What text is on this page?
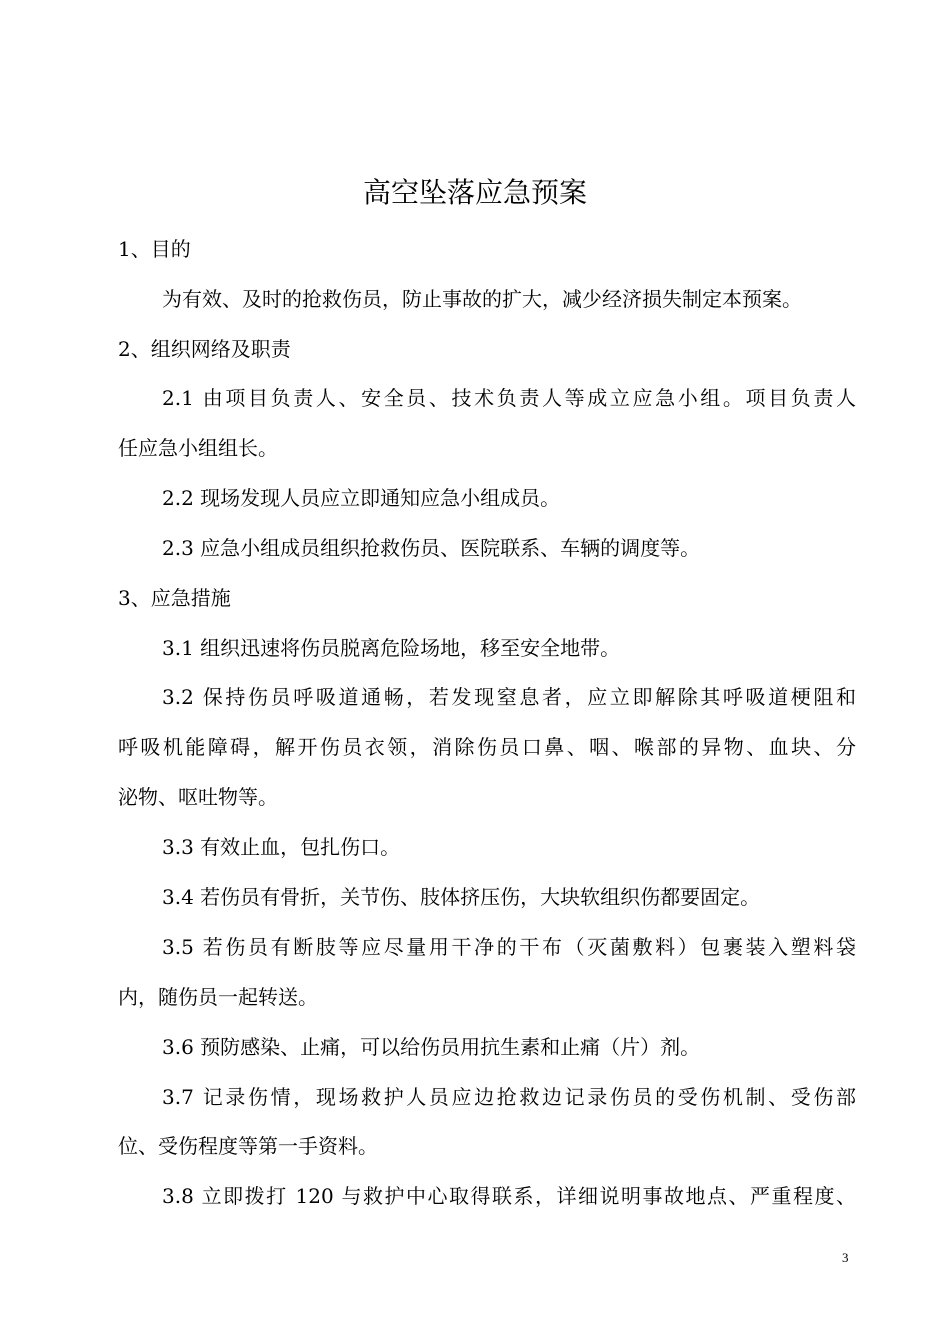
高空坠落应急预案
1、目的
为有效、及时的抢救伤员，防止事故的扩大，减少经济损失制定本预案。
2、组织网络及职责
2.1 由项目负责人、安全员、技术负责人等成立应急小组。项目负责人
任应急小组组长。
2.2 现场发现人员应立即通知应急小组成员。
2.3 应急小组成员组织抢救伤员、医院联系、车辆的调度等。
3、应急措施
3.1 组织迅速将伤员脱离危险场地，移至安全地带。
3.2 保持伤员呼吸道通畅，若发现窒息者，应立即解除其呼吸道梗阻和
呼吸机能障碍，解开伤员衣领，消除伤员口鼻、咽、喉部的异物、血块、分
泌物、呕吐物等。
3.3 有效止血，包扎伤口。
3.4 若伤员有骨折，关节伤、肢体挤压伤，大块软组织伤都要固定。
3.5 若伤员有断肢等应尽量用干净的干布（灭菌敷料）包裹装入塑料袋
内，随伤员一起转送。
3.6 预防感染、止痛，可以给伤员用抗生素和止痛（片）剂。
3.7 记录伤情，现场救护人员应边抢救边记录伤员的受伤机制、受伤部
位、受伤程度等第一手资料。
3.8 立即拨打 120 与救护中心取得联系，详细说明事故地点、严重程度、
3
